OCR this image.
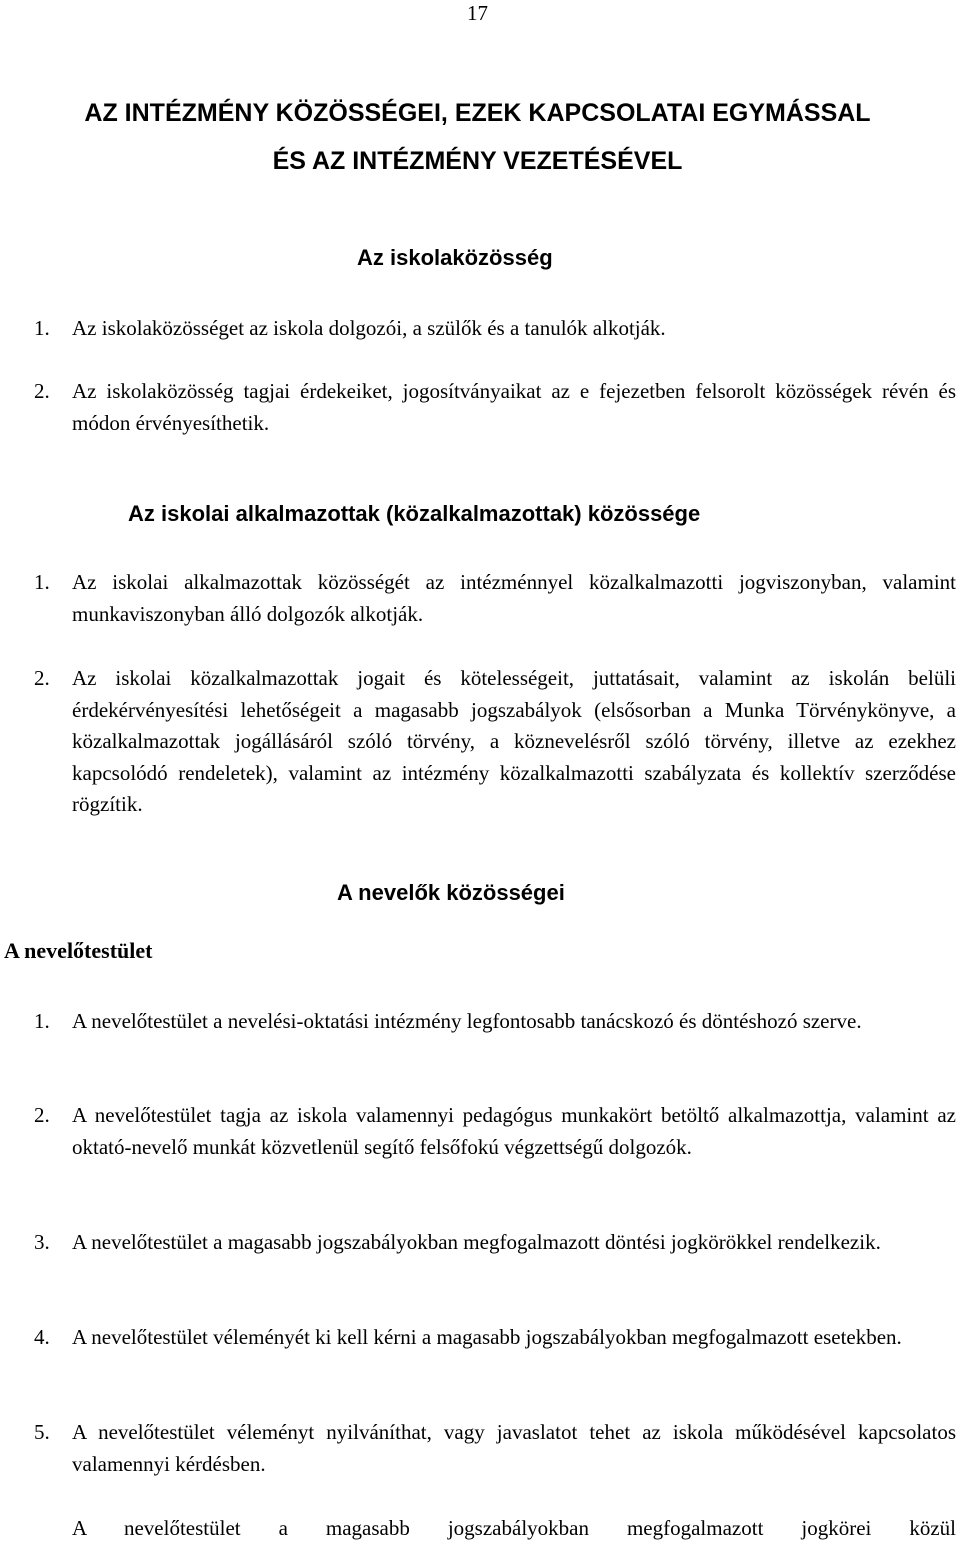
17
AZ INTÉZMÉNY KÖZÖSSÉGEI, EZEK KAPCSOLATAI EGYMÁSSAL
ÉS AZ INTÉZMÉNY VEZETÉSÉVEL
Az iskolaközösség
1. Az iskolaközösséget az iskola dolgozói, a szülők és a tanulók alkotják.
2. Az iskolaközösség tagjai érdekeiket, jogosítványaikat az e fejezetben felsorolt közösségek révén és módon érvényesíthetik.
Az iskolai alkalmazottak (közalkalmazottak) közössége
1. Az iskolai alkalmazottak közösségét az intézménnyel közalkalmazotti jogviszonyban, valamint munkaviszonyban álló dolgozók alkotják.
2. Az iskolai közalkalmazottak jogait és kötelességeit, juttatásait, valamint az iskolán belüli érdekérvényesítési lehetőségeit a magasabb jogszabályok (elsősorban a Munka Törvénykönyve, a közalkalmazottak jogállásáról szóló törvény, a köznevelésről szóló törvény, illetve az ezekhez kapcsolódó rendeletek), valamint az intézmény közalkalmazotti szabályzata és kollektív szerződése rögzítik.
A nevelők közösségei
A nevelőtestület
1. A nevelőtestület a nevelési-oktatási intézmény legfontosabb tanácskozó és döntéshozó szerve.
2. A nevelőtestület tagja az iskola valamennyi pedagógus munkakört betöltő alkalmazottja, valamint az oktató-nevelő munkát közvetlenül segítő felsőfokú végzettségű dolgozók.
3. A nevelőtestület a magasabb jogszabályokban megfogalmazott döntési jogkörökkel rendelkezik.
4. A nevelőtestület véleményét ki kell kérni a magasabb jogszabályokban megfogalmazott esetekben.
5. A nevelőtestület véleményt nyilváníthat, vagy javaslatot tehet az iskola működésével kapcsolatos valamennyi kérdésben.
A nevelőtestület a magasabb jogszabályokban megfogalmazott jogkörei közül
